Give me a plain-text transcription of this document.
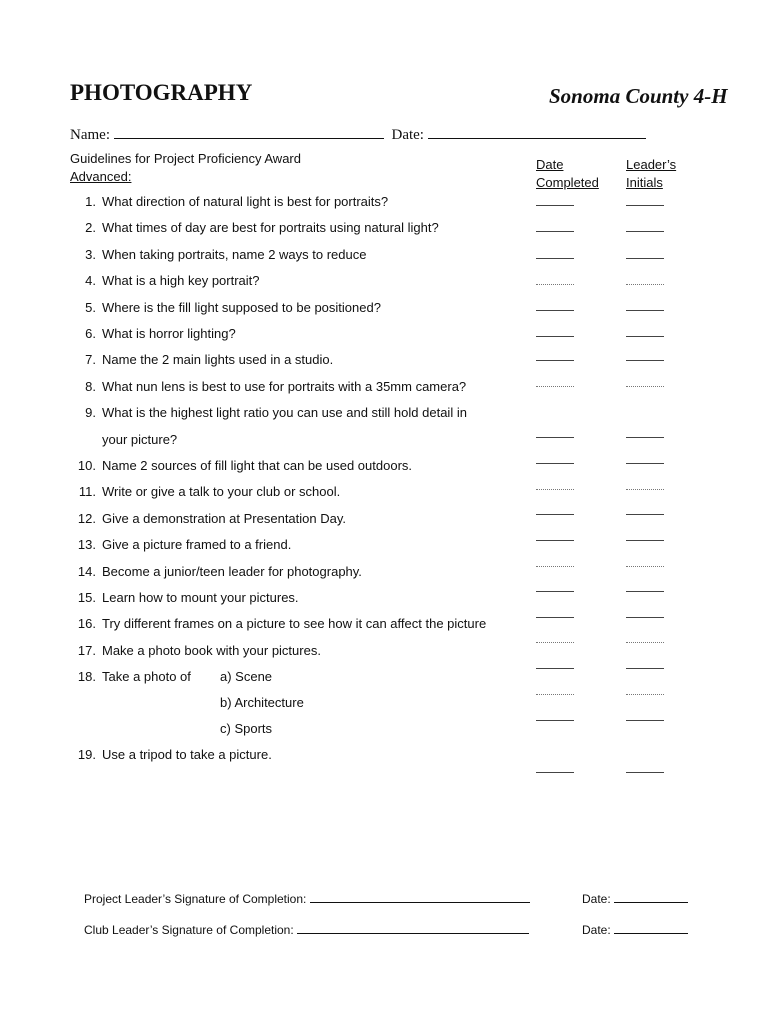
PHOTOGRAPHY	Sonoma County 4-H
Name:	Date:
Guidelines for Project Proficiency Award
Advanced:
Date
Completed
Leader’s
Initials
1. What direction of natural light is best for portraits?
2. What times of day are best for portraits using natural light?
3. When taking portraits, name 2 ways to reduce
4. What is a high key portrait?
5. Where is the fill light supposed to be positioned?
6. What is horror lighting?
7. Name the 2 main lights used in a studio.
8. What nun lens is best to use for portraits with a 35mm camera?
9. What is the highest light ratio you can use and still hold detail in
your picture?
10. Name 2 sources of fill light that can be used outdoors.
11. Write or give a talk to your club or school.
12. Give a demonstration at Presentation Day.
13. Give a picture framed to a friend.
14. Become a junior/teen leader for photography.
15. Learn how to mount your pictures.
16. Try different frames on a picture to see how it can affect the picture
17. Make a photo book with your pictures.
18. Take a photo of a) Scene
b) Architecture
c) Sports
19. Use a tripod to take a picture.
Project Leader’s Signature of Completion:	Date:
Club Leader’s Signature of Completion:	Date:
